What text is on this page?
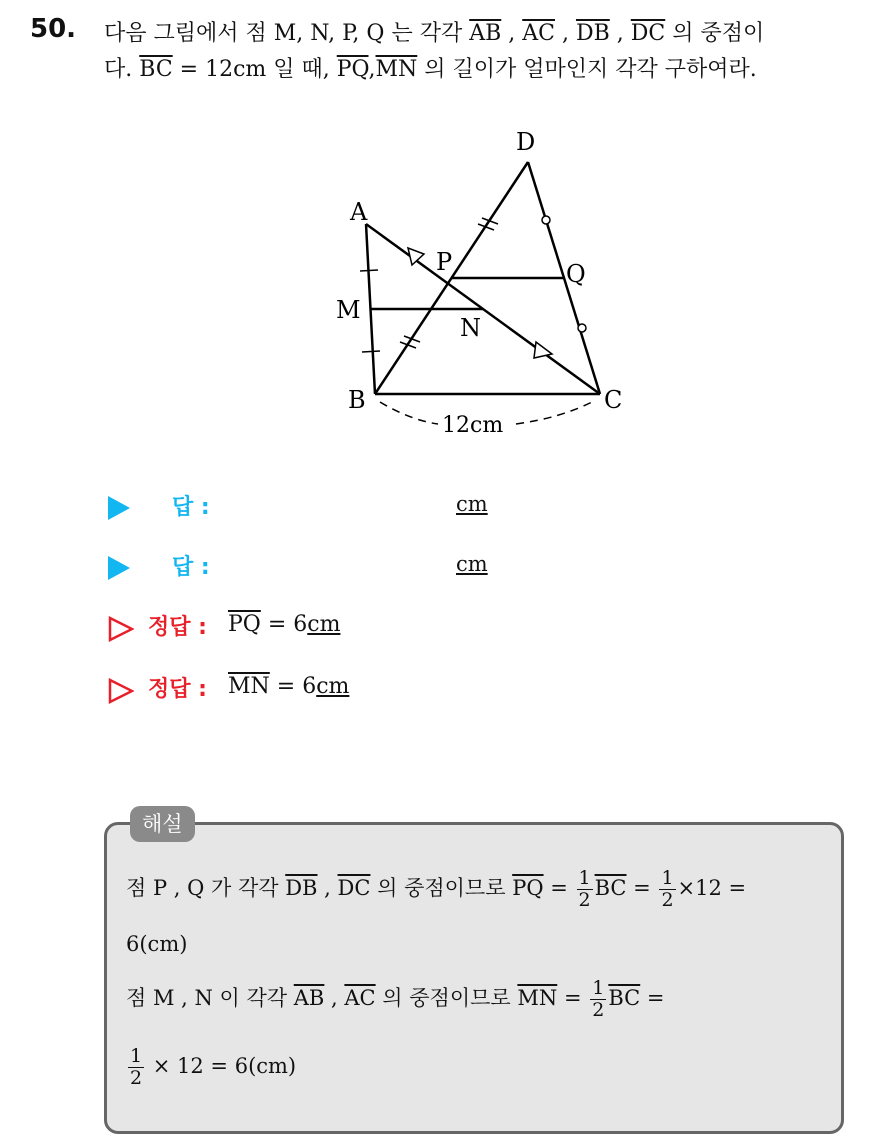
50. 다음 그림에서 점 M, N, P, Q 는 각각 $\overline{AB}$ , $\overline{AC}$ , $\overline{DB}$ , $\overline{DC}$ 의 중점이
다. $\overline{BC} = 12cm$ 일 때, $\overline{PQ},\overline{MN}$ 의 길이가 얼마인지 각각 구하여라.
D
A
P	Q
M
N
B	C
12cm
답 :	cm
답 :	cm
정답 : $\overline{PQ} = 6cm$
정답 : $\overline{MN} = 6cm$
해설
점 P , Q 가 각각 $\overline{DB}$ , $\overline{DC}$ 의 중점이므로 $\overline{PQ} = \frac{1}{2} \overline{BC} = \frac{1}{2} \times 12$ =
6(cm)
점 M , N 이 각각 $\overline{AB}$ , $\overline{AC}$ 의 중점이므로 $\overline{MN} = \frac{1}{2} \overline{BC}$ =
$\frac{1}{2} \times 12 = 6(cm)$
